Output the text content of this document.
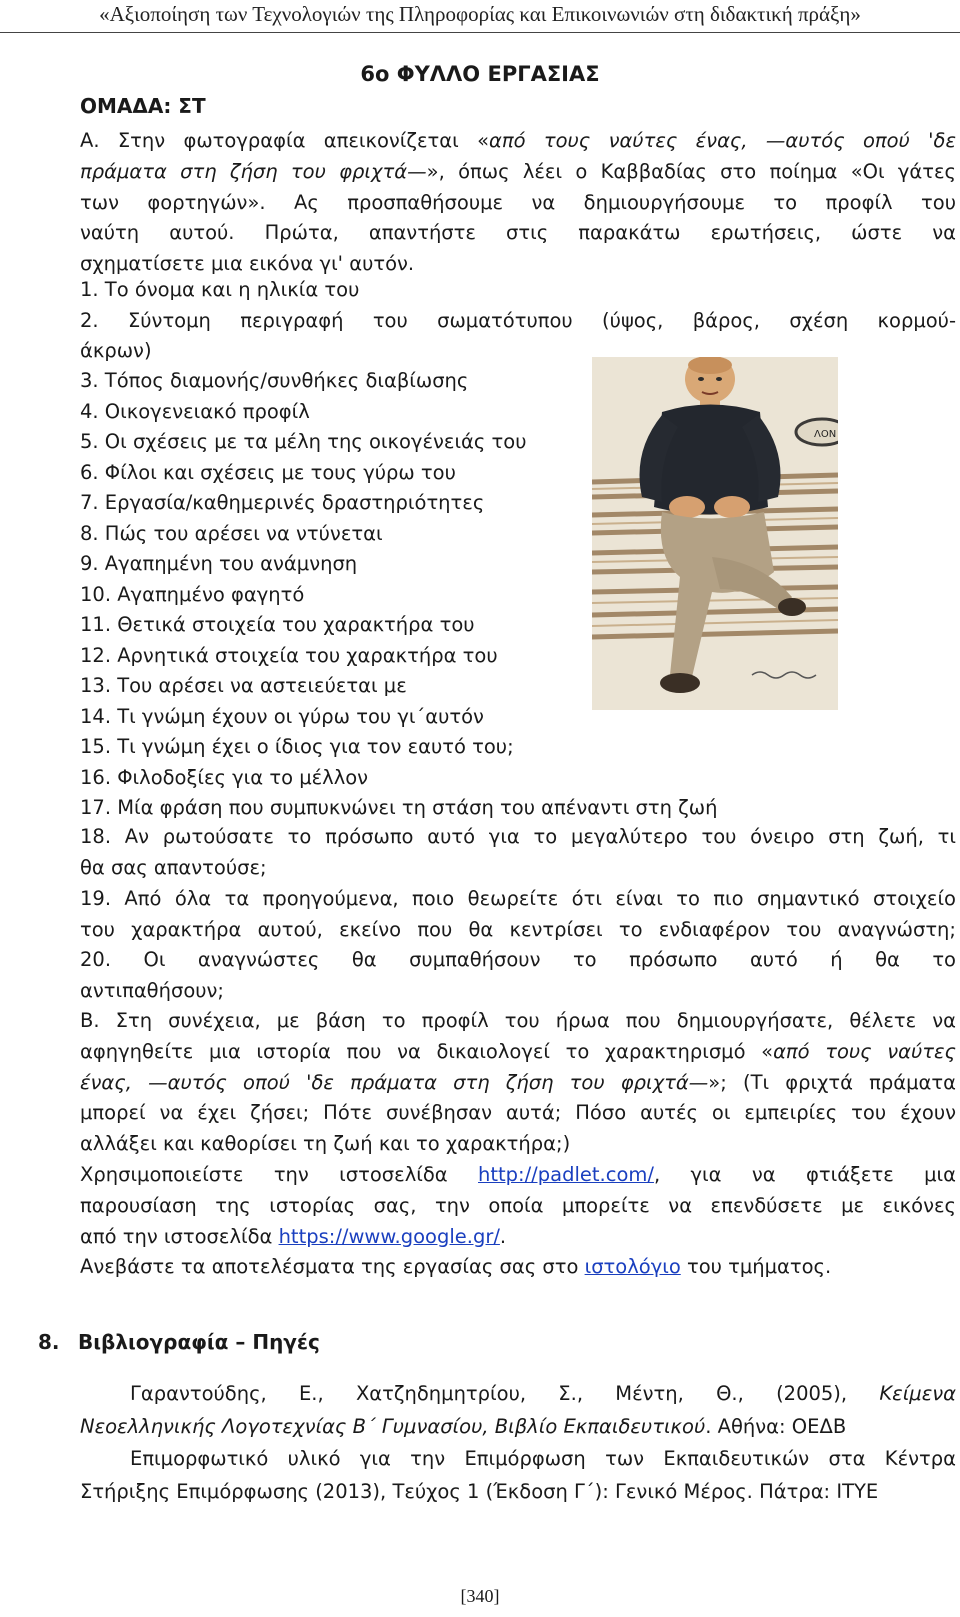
«Αξιοποίηση των Τεχνολογιών της Πληροφορίας και Επικοινωνιών στη διδακτική πράξη»
6ο ΦΥΛΛΟ ΕΡΓΑΣΙΑΣ
ΟΜΑΔΑ: ΣΤ
Α. Στην φωτογραφία απεικονίζεται «από τους ναύτες ένας, —αυτός οπού 'δε
πράματα στη ζήση του φριχτά—», όπως λέει ο Καββαδίας στο ποίημα «Οι γάτες
των φορτηγών». Ας προσπαθήσουμε να δημιουργήσουμε το προφίλ του
ναύτη αυτού. Πρώτα, απαντήστε στις παρακάτω ερωτήσεις, ώστε να
σχηματίσετε μια εικόνα γι' αυτόν.
1. Το όνομα και η ηλικία του
2. Σύντομη περιγραφή του σωματότυπου (ύψος, βάρος, σχέση κορμού-
άκρων)
3. Τόπος διαμονής/συνθήκες διαβίωσης
4. Οικογενειακό προφίλ
5. Οι σχέσεις με τα μέλη της οικογένειάς του
6. Φίλοι και σχέσεις με τους γύρω του
7. Εργασία/καθημερινές δραστηριότητες
8. Πώς του αρέσει να ντύνεται
9. Αγαπημένη του ανάμνηση
10. Αγαπημένο φαγητό
11. Θετικά στοιχεία του χαρακτήρα του
12. Αρνητικά στοιχεία του χαρακτήρα του
13. Του αρέσει να αστειεύεται με
14. Τι γνώμη έχουν οι γύρω του γι΄αυτόν
15. Τι γνώμη έχει ο ίδιος για τον εαυτό του;
16. Φιλοδοξίες για το μέλλον
17. Μία φράση που συμπυκνώνει τη στάση του απέναντι στη ζωή
ΛΟΝ
18. Αν ρωτούσατε το πρόσωπο αυτό για το μεγαλύτερο του όνειρο στη ζωή, τι
θα σας απαντούσε;
19. Από όλα τα προηγούμενα, ποιο θεωρείτε ότι είναι το πιο σημαντικό στοιχείο
του χαρακτήρα αυτού, εκείνο που θα κεντρίσει το ενδιαφέρον του αναγνώστη;
20. Οι αναγνώστες θα συμπαθήσουν το πρόσωπο αυτό ή θα το
αντιπαθήσουν;
Β. Στη συνέχεια, με βάση το προφίλ του ήρωα που δημιουργήσατε, θέλετε να
αφηγηθείτε μια ιστορία που να δικαιολογεί το χαρακτηρισμό «από τους ναύτες
ένας, —αυτός οπού 'δε πράματα στη ζήση του φριχτά—»; (Τι φριχτά πράματα
μπορεί να έχει ζήσει; Πότε συνέβησαν αυτά; Πόσο αυτές οι εμπειρίες του έχουν
αλλάξει και καθορίσει τη ζωή και το χαρακτήρα;)
Χρησιμοποιείστε την ιστοσελίδα http://padlet.com/, για να φτιάξετε μια
παρουσίαση της ιστορίας σας, την οποία μπορείτε να επενδύσετε με εικόνες
από την ιστοσελίδα https://www.google.gr/.
Ανεβάστε τα αποτελέσματα της εργασίας σας στο ιστολόγιο του τμήματος.
8. Βιβλιογραφία – Πηγές
Γαραντούδης, Ε., Χατζηδημητρίου, Σ., Μέντη, Θ., (2005), Κείμενα
Νεοελληνικής Λογοτεχνίας Β΄ Γυμνασίου, Βιβλίο Εκπαιδευτικού. Αθήνα: ΟΕΔΒ
Επιμορφωτικό υλικό για την Επιμόρφωση των Εκπαιδευτικών στα Κέντρα
Στήριξης Επιμόρφωσης (2013), Τεύχος 1 (Έκδοση Γ΄): Γενικό Μέρος. Πάτρα: ΙΤΥΕ
[340]
